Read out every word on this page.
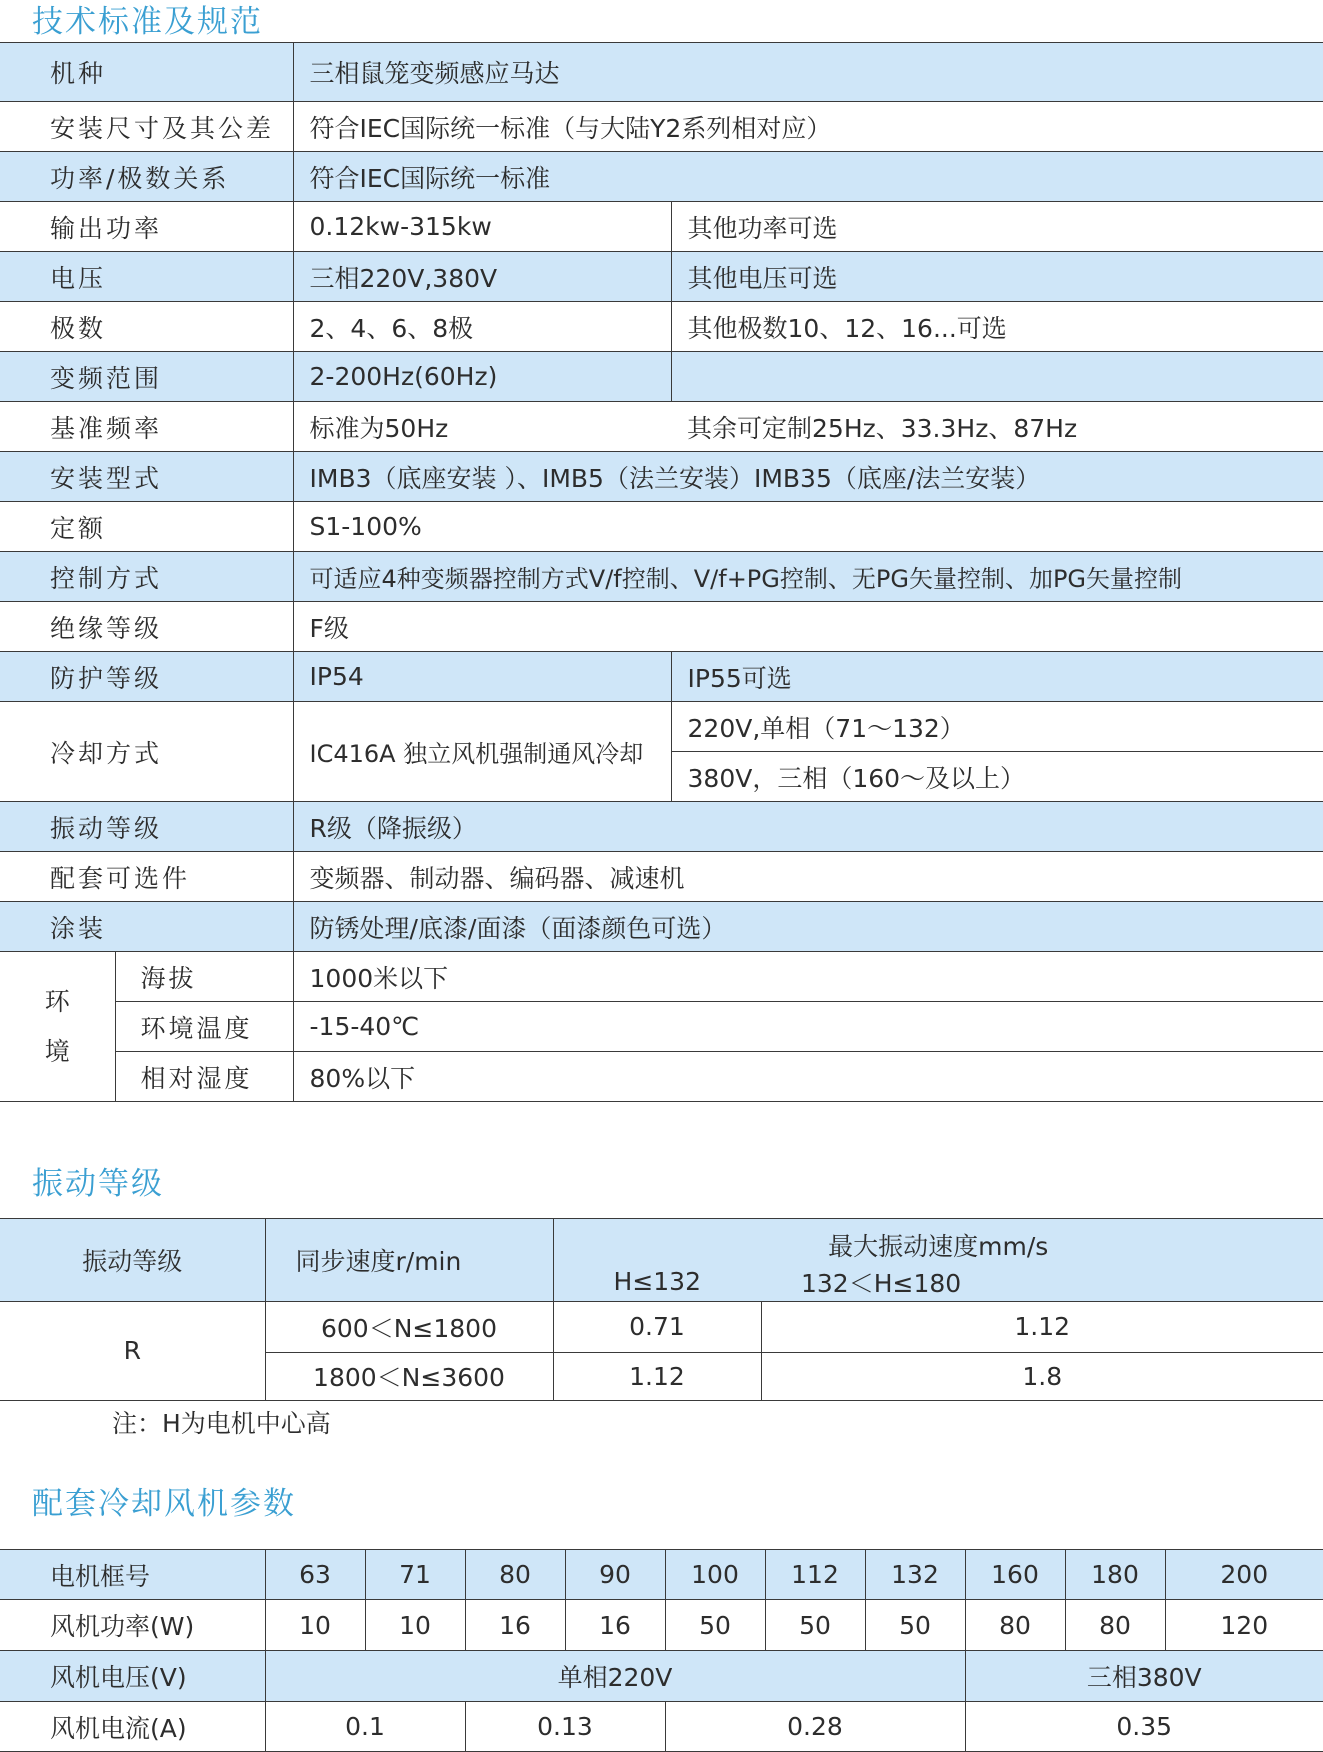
技术标准及规范
机种		三相鼠笼变频感应马达	
安装尺寸及其公差		符合IEC国际统一标准（与大陆Y2系列相对应）	
功率/极数关系		符合IEC国际统一标准	
输出功率		0.12kw-315kw	其他功率可选
电压		三相220V,380V	其他电压可选
极数		2、4、6、8极	其他极数10、12、16...可选
变频范围		2-200Hz(60Hz)	
基准频率		标准为50Hz	其余可定制25Hz、33.3Hz、87Hz
安装型式		IMB3（底座安装 ）、IMB5（法兰安装）IMB35（底座/法兰安装）	
定额		S1-100%	
控制方式		可适应4种变频器控制方式V/f控制、V/f+PG控制、无PG矢量控制、加PG矢量控制	
绝缘等级		F级	
防护等级		IP54	IP55可选
冷却方式		IC416A 独立风机强制通风冷却	220V,单相（71～132）
			380V，三相（160～及以上）
振动等级		R级（降振级）	
配套可选件		变频器、制动器、编码器、减速机	
涂装		防锈处理/底漆/面漆（面漆颜色可选）	
环
境	海拔	1000米以下	
	环境温度	-15-40℃	
	相对湿度	80%以下	
振动等级
振动等级	同步速度r/min	最大振动速度mm/s	
		H≤132	132＜H≤180
R	600＜N≤1800	0.71	1.12
	1800＜N≤3600	1.12	1.8
注：H为电机中心高
配套冷却风机参数
电机框号	63	71	80	90	100	112	132	160	180	200
风机功率(W)	10	10	16	16	50	50	50	80	80	120
风机电压(V)	单相220V							三相380V		
风机电流(A)	0.1		0.13		0.28			0.35		
